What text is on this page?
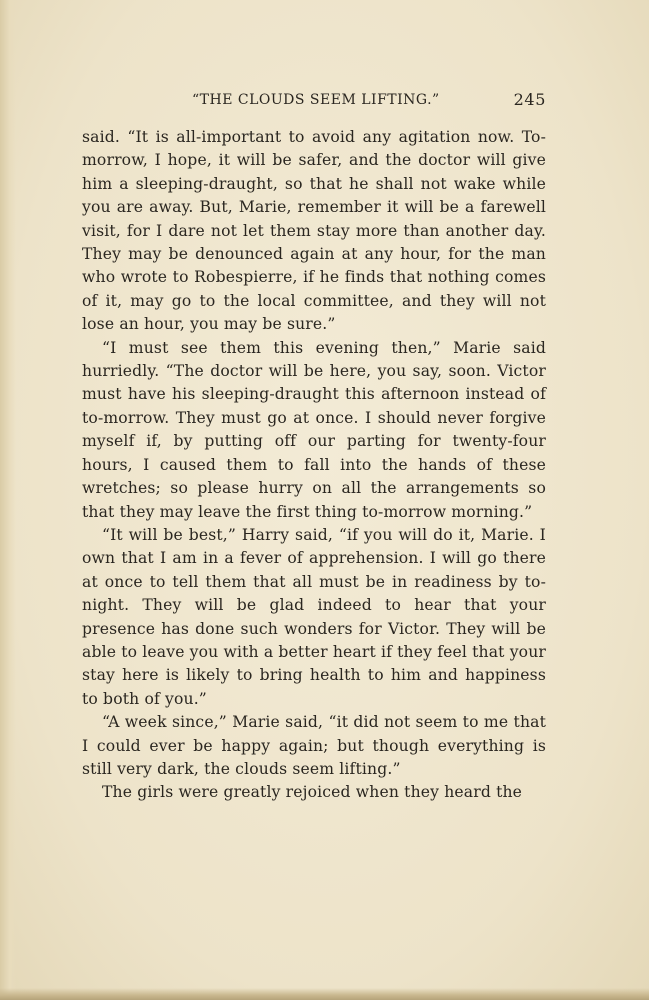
“THE CLOUDS SEEM LIFTING.”	245

said. “It is all-important to avoid any agitation now. To-morrow, I hope, it will be safer, and the doctor will give him a sleeping-draught, so that he shall not wake while you are away. But, Marie, remember it will be a farewell visit, for I dare not let them stay more than another day. They may be denounced again at any hour, for the man who wrote to Robespierre, if he finds that nothing comes of it, may go to the local committee, and they will not lose an hour, you may be sure.”

“I must see them this evening then,” Marie said hurriedly. “The doctor will be here, you say, soon. Victor must have his sleeping-draught this afternoon instead of to-morrow. They must go at once. I should never forgive myself if, by putting off our parting for twenty-four hours, I caused them to fall into the hands of these wretches; so please hurry on all the arrangements so that they may leave the first thing to-morrow morning.”

“It will be best,” Harry said, “if you will do it, Marie. I own that I am in a fever of apprehension. I will go there at once to tell them that all must be in readiness by to-night. They will be glad indeed to hear that your presence has done such wonders for Victor. They will be able to leave you with a better heart if they feel that your stay here is likely to bring health to him and happiness to both of you.”

“A week since,” Marie said, “it did not seem to me that I could ever be happy again; but though everything is still very dark, the clouds seem lifting.”

The girls were greatly rejoiced when they heard the
